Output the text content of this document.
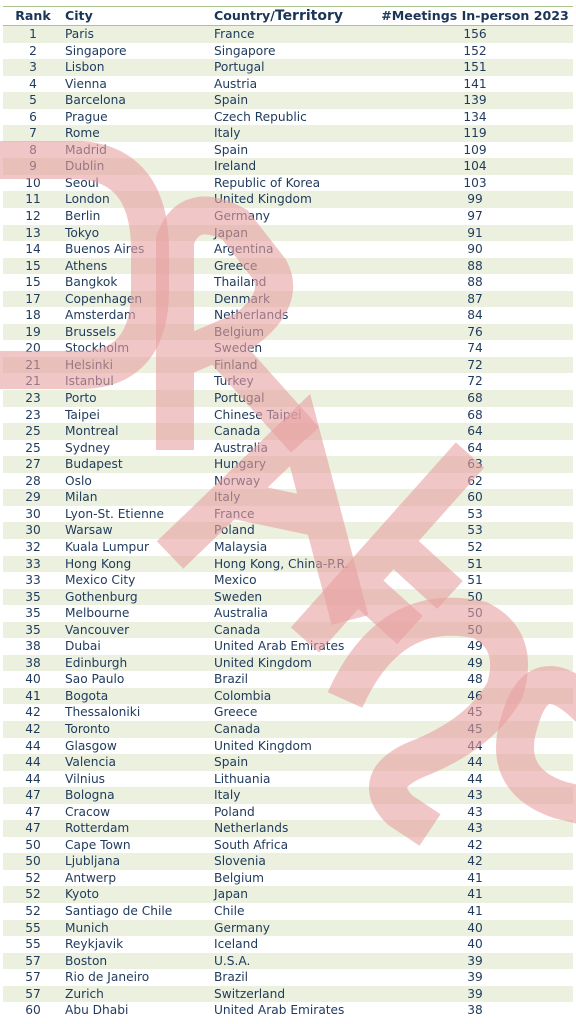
Rank	City	Country/Territory	#Meetings In-person 2023
1	Paris	France	156
2	Singapore	Singapore	152
3	Lisbon	Portugal	151
4	Vienna	Austria	141
5	Barcelona	Spain	139
6	Prague	Czech Republic	134
7	Rome	Italy	119
8	Madrid	Spain	109
9	Dublin	Ireland	104
10	Seoul	Republic of Korea	103
11	London	United Kingdom	99
12	Berlin	Germany	97
13	Tokyo	Japan	91
14	Buenos Aires	Argentina	90
15	Athens	Greece	88
15	Bangkok	Thailand	88
17	Copenhagen	Denmark	87
18	Amsterdam	Netherlands	84
19	Brussels	Belgium	76
20	Stockholm	Sweden	74
21	Helsinki	Finland	72
21	Istanbul	Turkey	72
23	Porto	Portugal	68
23	Taipei	Chinese Taipei	68
25	Montreal	Canada	64
25	Sydney	Australia	64
27	Budapest	Hungary	63
28	Oslo	Norway	62
29	Milan	Italy	60
30	Lyon-St. Etienne	France	53
30	Warsaw	Poland	53
32	Kuala Lumpur	Malaysia	52
33	Hong Kong	Hong Kong, China-P.R.	51
33	Mexico City	Mexico	51
35	Gothenburg	Sweden	50
35	Melbourne	Australia	50
35	Vancouver	Canada	50
38	Dubai	United Arab Emirates	49
38	Edinburgh	United Kingdom	49
40	Sao Paulo	Brazil	48
41	Bogota	Colombia	46
42	Thessaloniki	Greece	45
42	Toronto	Canada	45
44	Glasgow	United Kingdom	44
44	Valencia	Spain	44
44	Vilnius	Lithuania	44
47	Bologna	Italy	43
47	Cracow	Poland	43
47	Rotterdam	Netherlands	43
50	Cape Town	South Africa	42
50	Ljubljana	Slovenia	42
52	Antwerp	Belgium	41
52	Kyoto	Japan	41
52	Santiago de Chile	Chile	41
55	Munich	Germany	40
55	Reykjavik	Iceland	40
57	Boston	U.S.A.	39
57	Rio de Janeiro	Brazil	39
57	Zurich	Switzerland	39
60	Abu Dhabi	United Arab Emirates	38
